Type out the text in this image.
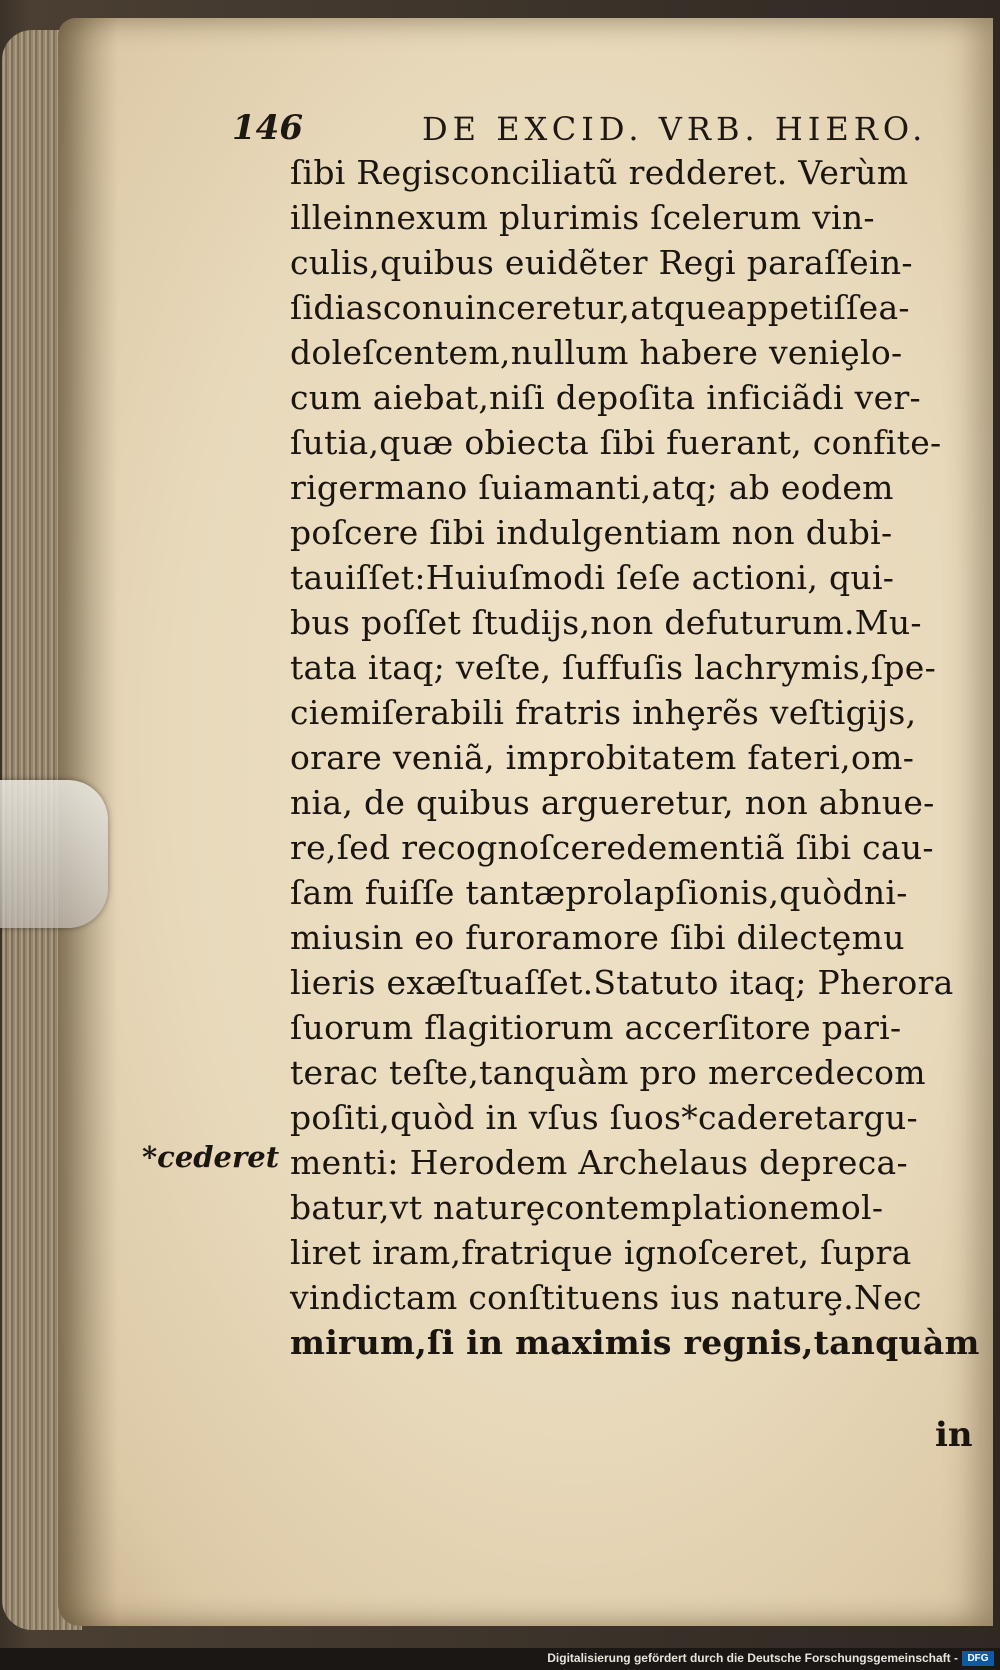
146	DE EXCID. VRB. HIERO.
ſibi Regisconciliatũ redderet. Verùm
illeinnexum plurimis ſcelerum vin-
culis,quibus euidẽter Regi paraſſein-
ſidiasconuinceretur,atqueappetiſſea-
doleſcentem,nullum habere veniȩlo-
cum aiebat,niſi depoſita inficiãdi ver-
ſutia,quæ obiecta ſibi fuerant, confite-
rigermano ſuiamanti,atq; ab eodem
poſcere ſibi indulgentiam non dubi-
tauiſſet:Huiuſmodi ſeſe actioni, qui-
bus poſſet ſtudijs,non defuturum.Mu-
tata itaq; veſte, ſuffuſis lachrymis,ſpe-
ciemiſerabili fratris inhȩrẽs veſtigijs,
orare veniã, improbitatem fateri,om-
nia, de quibus argueretur, non abnue-
re,ſed recognoſceredementiã ſibi cau-
ſam fuiſſe tantæprolapſionis,quòdni-
miusin eo furoramore ſibi dilectȩmu
lieris exæſtuaſſet.Statuto itaq; Pherora
ſuorum flagitiorum accerſitore pari-
terac teſte,tanquàm pro mercedecom
poſiti,quòd in vſus ſuos*caderetargu-
menti: Herodem Archelaus depreca-
batur,vt naturȩcontemplationemol-
liret iram,fratrique ignoſceret, ſupra
vindictam conſtituens ius naturȩ.Nec
mirum,ſi in maximis regnis,tanquàm
in
*cederet
Digitalisierung gefördert durch die Deutsche Forschungsgemeinschaft - DFG
